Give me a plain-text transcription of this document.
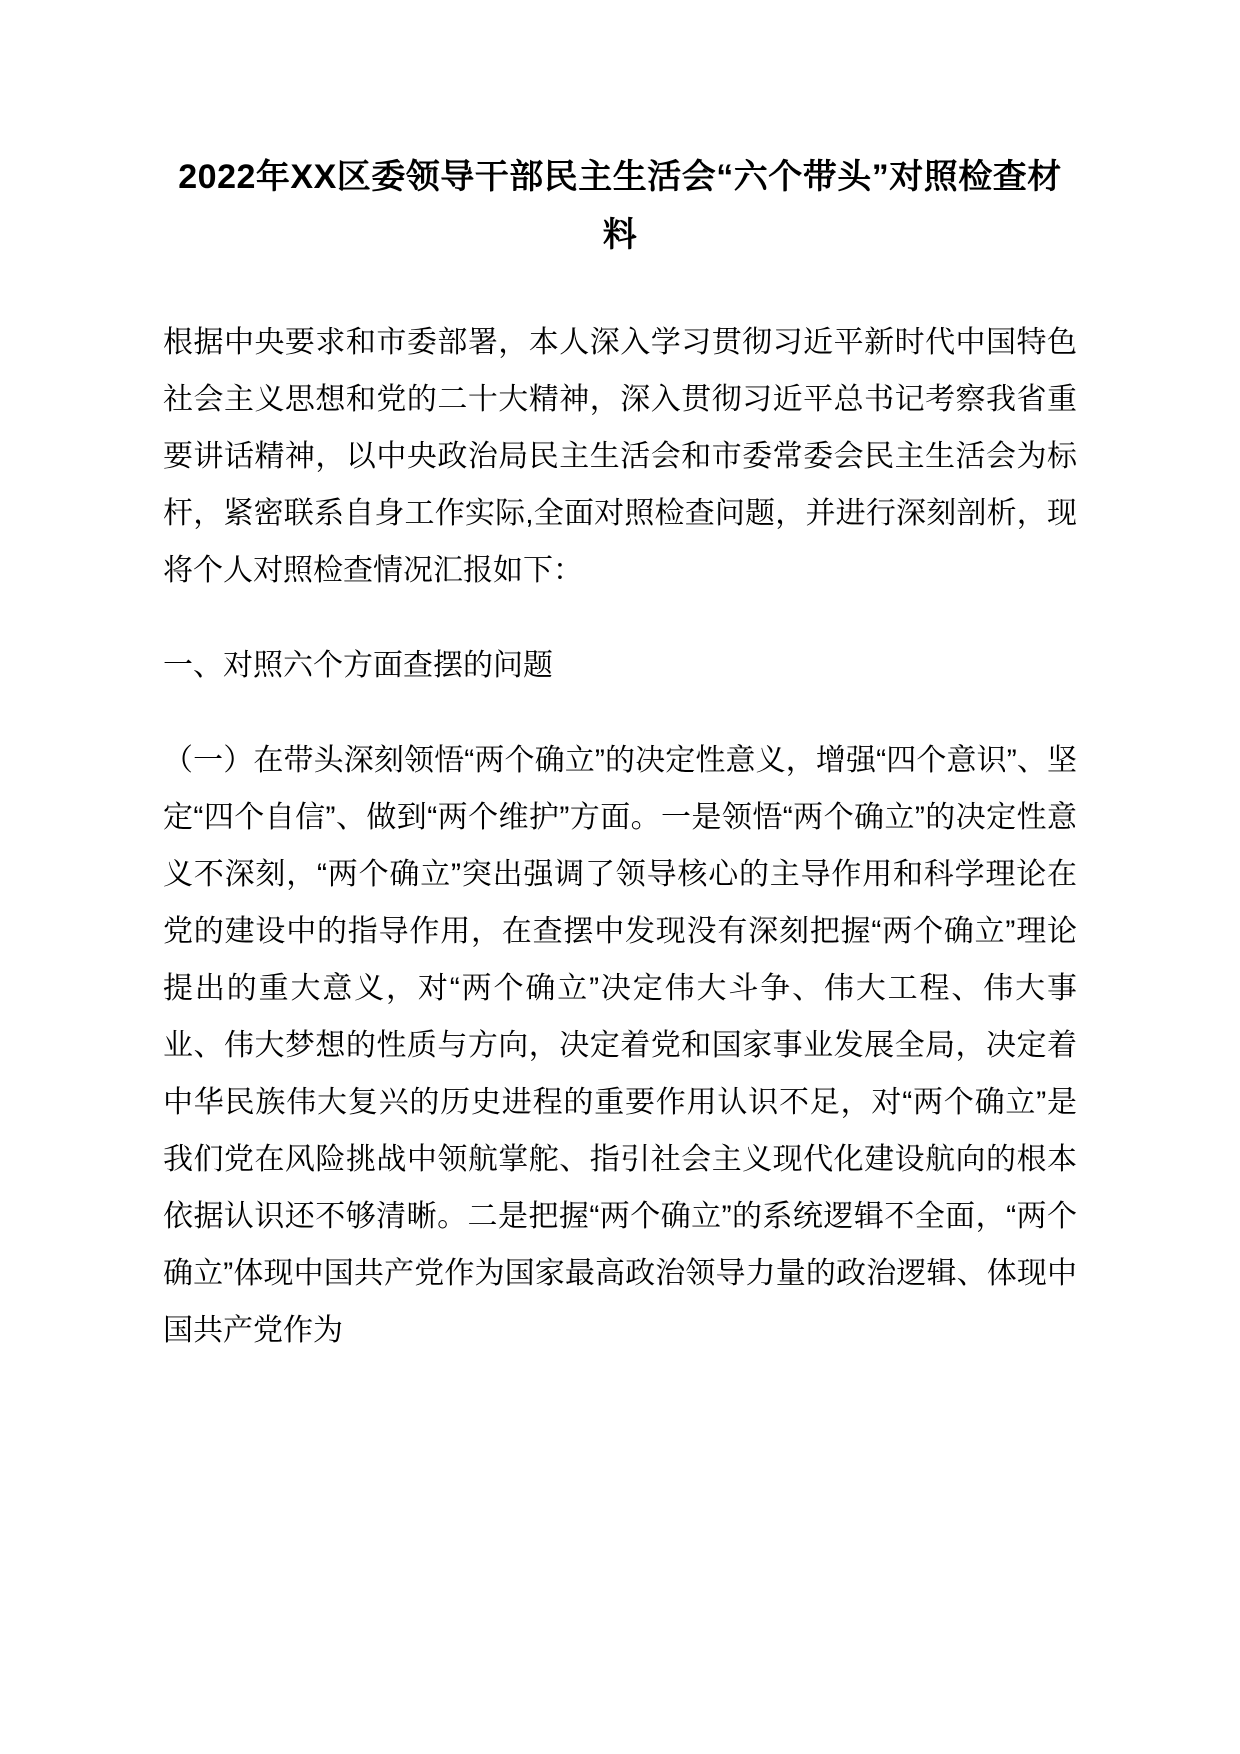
2022年XX区委领导干部民主生活会“六个带头”对照检查材料

根据中央要求和市委部署，本人深入学习贯彻习近平新时代中国特色社会主义思想和党的二十大精神，深入贯彻习近平总书记考察我省重要讲话精神，以中央政治局民主生活会和市委常委会民主生活会为标杆，紧密联系自身工作实际,全面对照检查问题，并进行深刻剖析，现将个人对照检查情况汇报如下：

一、对照六个方面查摆的问题

（一）在带头深刻领悟“两个确立”的决定性意义，增强“四个意识”、坚定“四个自信”、做到“两个维护”方面。一是领悟“两个确立”的决定性意义不深刻，“两个确立”突出强调了领导核心的主导作用和科学理论在党的建设中的指导作用，在查摆中发现没有深刻把握“两个确立”理论提出的重大意义，对“两个确立”决定伟大斗争、伟大工程、伟大事业、伟大梦想的性质与方向，决定着党和国家事业发展全局，决定着中华民族伟大复兴的历史进程的重要作用认识不足，对“两个确立”是我们党在风险挑战中领航掌舵、指引社会主义现代化建设航向的根本依据认识还不够清晰。二是把握“两个确立”的系统逻辑不全面，“两个确立”体现中国共产党作为国家最高政治领导力量的政治逻辑、体现中国共产党作为
